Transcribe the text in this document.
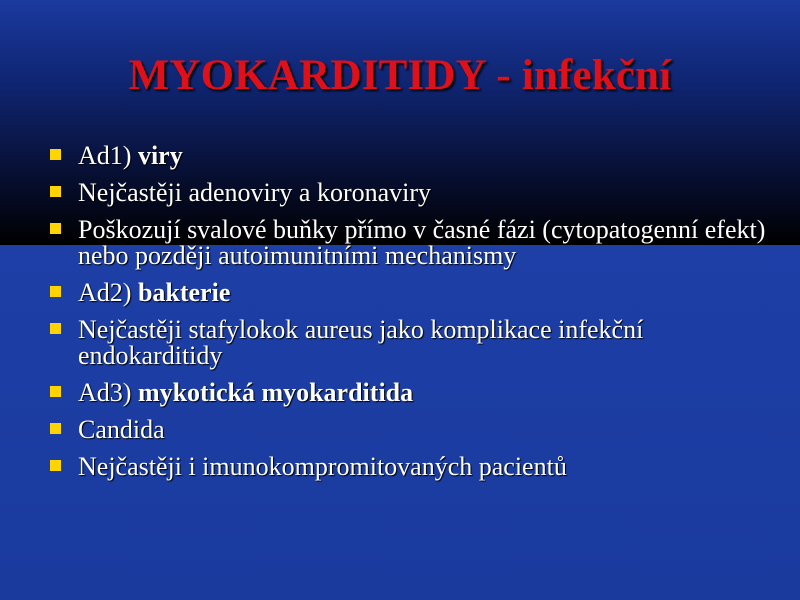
MYOKARDITIDY - infekční
Ad1) viry
Nejčastěji adenoviry a koronaviry
Poškozují svalové buňky přímo v časné fázi (cytopatogenní efekt) nebo později autoimunitními mechanismy
Ad2) bakterie
Nejčastěji stafylokok aureus jako komplikace infekční endokarditidy
Ad3) mykotická myokarditida
Candida
Nejčastěji i imunokompromitovaných pacientů
